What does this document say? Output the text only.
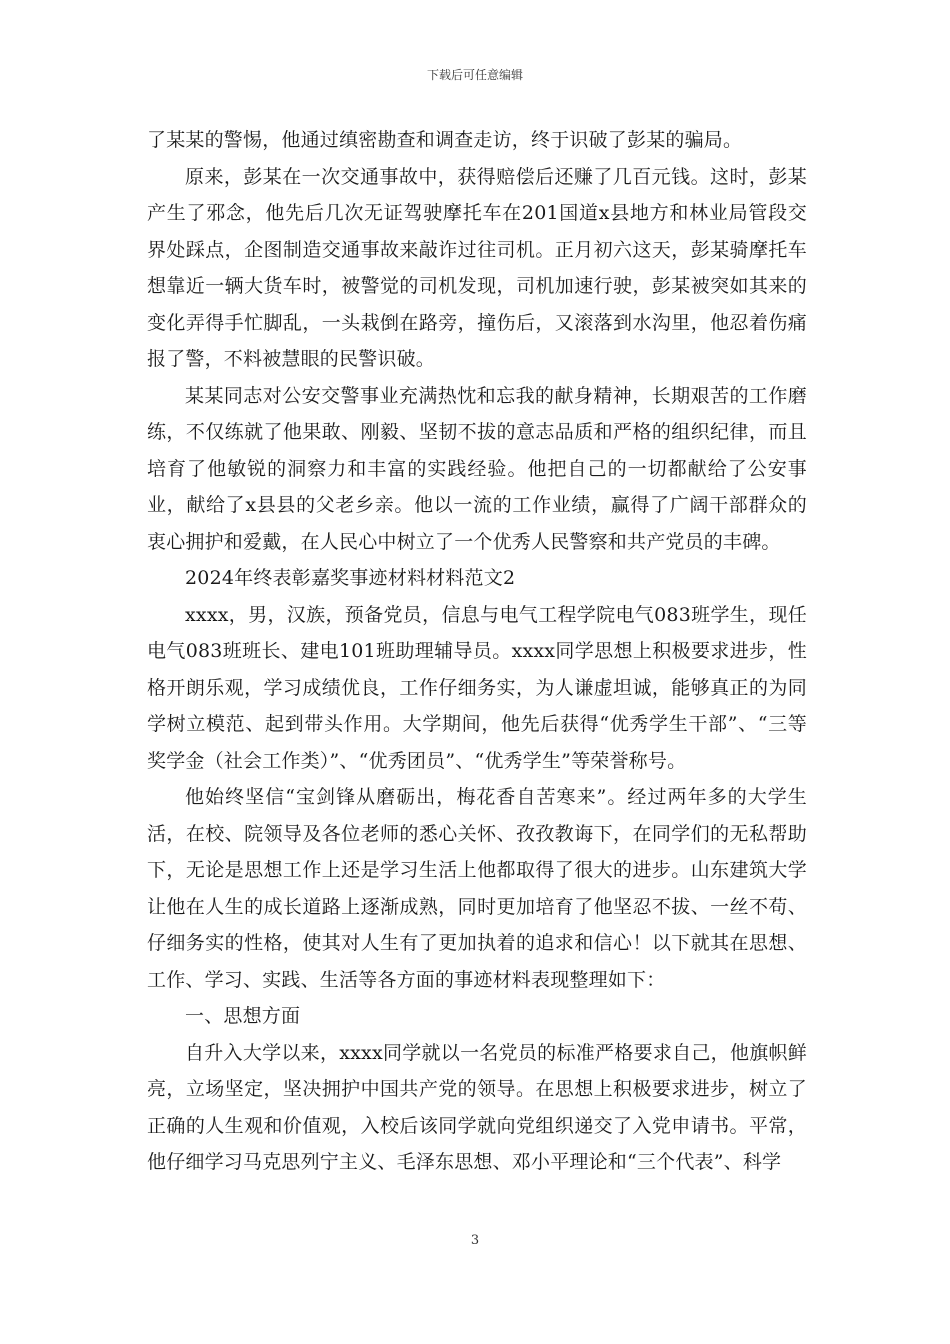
下载后可任意编辑

了某某的警惕，他通过缜密勘查和调查走访，终于识破了彭某的骗局。

原来，彭某在一次交通事故中，获得赔偿后还赚了几百元钱。这时，彭某产生了邪念，他先后几次无证驾驶摩托车在201国道x县地方和林业局管段交界处踩点，企图制造交通事故来敲诈过往司机。正月初六这天，彭某骑摩托车想靠近一辆大货车时，被警觉的司机发现，司机加速行驶，彭某被突如其来的变化弄得手忙脚乱，一头栽倒在路旁，撞伤后，又滚落到水沟里，他忍着伤痛报了警，不料被慧眼的民警识破。

某某同志对公安交警事业充满热忱和忘我的献身精神，长期艰苦的工作磨练，不仅练就了他果敢、刚毅、坚韧不拔的意志品质和严格的组织纪律，而且培育了他敏锐的洞察力和丰富的实践经验。他把自己的一切都献给了公安事业，献给了x县县的父老乡亲。他以一流的工作业绩，赢得了广阔干部群众的衷心拥护和爱戴，在人民心中树立了一个优秀人民警察和共产党员的丰碑。

2024年终表彰嘉奖事迹材料材料范文2

xxxx，男，汉族，预备党员，信息与电气工程学院电气083班学生，现任电气083班班长、建电101班助理辅导员。xxxx同学思想上积极要求进步，性格开朗乐观，学习成绩优良，工作仔细务实，为人谦虚坦诚，能够真正的为同学树立模范、起到带头作用。大学期间，他先后获得“优秀学生干部”、“三等奖学金（社会工作类）”、“优秀团员”、“优秀学生”等荣誉称号。

他始终坚信“宝剑锋从磨砺出，梅花香自苦寒来”。经过两年多的大学生活，在校、院领导及各位老师的悉心关怀、孜孜教诲下，在同学们的无私帮助下，无论是思想工作上还是学习生活上他都取得了很大的进步。山东建筑大学让他在人生的成长道路上逐渐成熟，同时更加培育了他坚忍不拔、一丝不苟、仔细务实的性格，使其对人生有了更加执着的追求和信心！以下就其在思想、工作、学习、实践、生活等各方面的事迹材料表现整理如下：

一、思想方面

自升入大学以来，xxxx同学就以一名党员的标准严格要求自己，他旗帜鲜亮，立场坚定，坚决拥护中国共产党的领导。在思想上积极要求进步，树立了正确的人生观和价值观，入校后该同学就向党组织递交了入党申请书。平常，他仔细学习马克思列宁主义、毛泽东思想、邓小平理论和“三个代表”、科学

3
